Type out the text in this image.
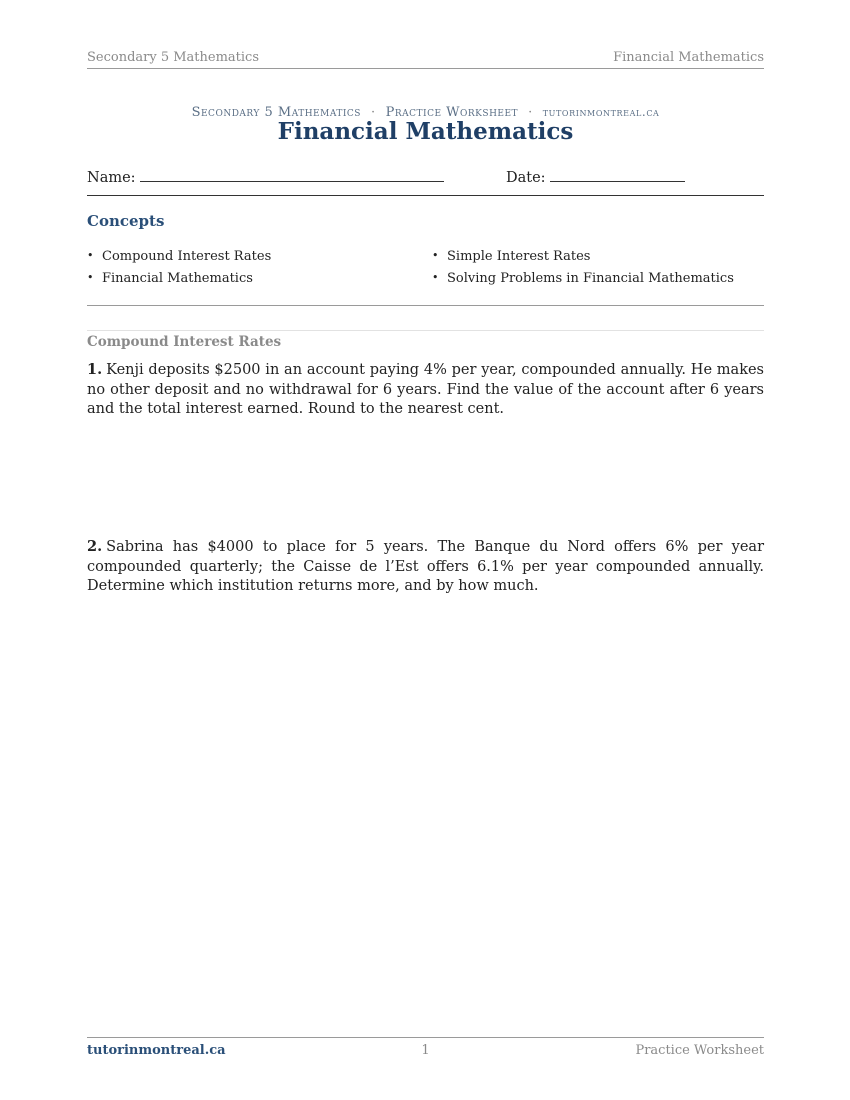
Secondary 5 Mathematics	Financial Mathematics
Secondary 5 Mathematics · Practice Worksheet · tutorinmontreal.ca
Financial Mathematics
Name:	Date:
Concepts
• Compound Interest Rates	• Simple Interest Rates
• Financial Mathematics	• Solving Problems in Financial Mathematics
Compound Interest Rates
1. Kenji deposits $2500 in an account paying 4% per year, compounded annually. He makes no other deposit and no withdrawal for 6 years. Find the value of the account after 6 years and the total interest earned. Round to the nearest cent.
2. Sabrina has $4000 to place for 5 years. The Banque du Nord offers 6% per year compounded quarterly; the Caisse de l’Est offers 6.1% per year compounded annually. Determine which institution returns more, and by how much.
tutorinmontreal.ca	1	Practice Worksheet
